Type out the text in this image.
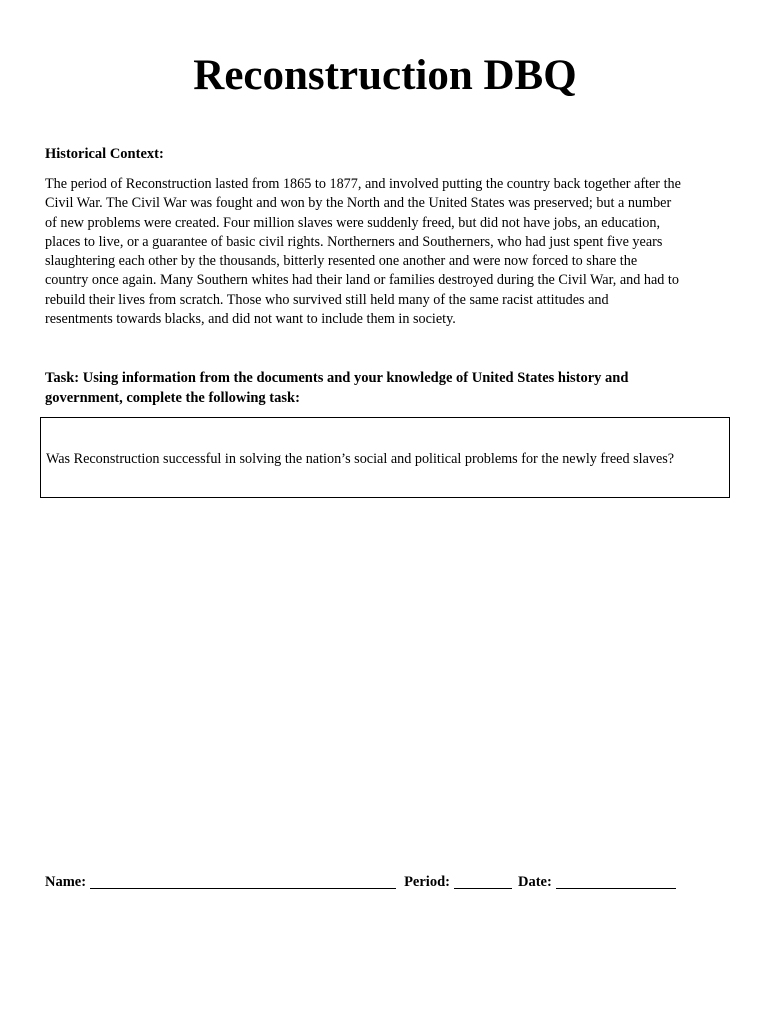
Reconstruction DBQ
Historical Context:

The period of Reconstruction lasted from 1865 to 1877, and involved putting the country back together after the
Civil War. The Civil War was fought and won by the North and the United States was preserved; but a number
of new problems were created. Four million slaves were suddenly freed, but did not have jobs, an education,
places to live, or a guarantee of basic civil rights. Northerners and Southerners, who had just spent five years
slaughtering each other by the thousands, bitterly resented one another and were now forced to share the
country once again. Many Southern whites had their land or families destroyed during the Civil War, and had to
rebuild their lives from scratch. Those who survived still held many of the same racist attitudes and
resentments towards blacks, and did not want to include them in society.

Task: Using information from the documents and your knowledge of United States history and
government, complete the following task:

Was Reconstruction successful in solving the nation’s social and political problems for the newly freed slaves?
Name:	Period:	Date:
